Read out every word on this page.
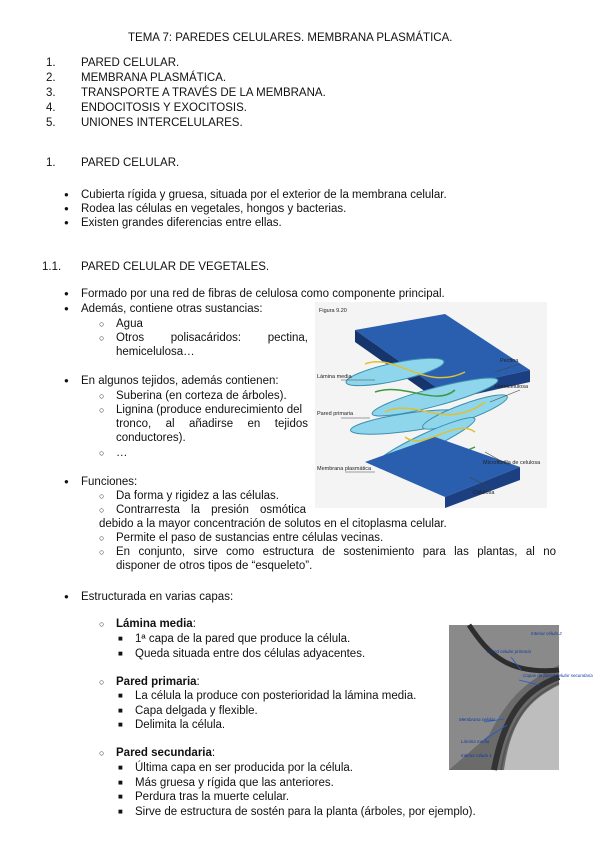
TEMA 7: PAREDES CELULARES. MEMBRANA PLASMÁTICA.
1. PARED CELULAR.
2. MEMBRANA PLASMÁTICA.
3. TRANSPORTE A TRAVÉS DE LA MEMBRANA.
4. ENDOCITOSIS Y EXOCITOSIS.
5. UNIONES INTERCELULARES.
1. PARED CELULAR.
● Cubierta rígida y gruesa, situada por el exterior de la membrana celular.
● Rodea las células en vegetales, hongos y bacterias.
● Existen grandes diferencias entre ellas.
1.1. PARED CELULAR DE VEGETALES.
● Formado por una red de fibras de celulosa como componente principal.
● Además, contiene otras sustancias:
○ Agua
○ Otros polisacáridos: pectina,
hemicelulosa…
● En algunos tejidos, además contienen:
○ Suberina (en corteza de árboles).
○ Lignina (produce endurecimiento del
tronco, al añadirse en tejidos
conductores).
○ …
● Funciones:
○ Da forma y rigidez a las células.
○ Contrarresta la presión osmótica
debido a la mayor concentración de solutos en el citoplasma celular.
○ Permite el paso de sustancias entre células vecinas.
○ En conjunto, sirve como estructura de sostenimiento para las plantas, al no
disponer de otros tipos de “esqueleto”.
● Estructurada en varias capas:
○ Lámina media:
■ 1ª capa de la pared que produce la célula.
■ Queda situada entre dos células adyacentes.
○ Pared primaria:
■ La célula la produce con posterioridad la lámina media.
■ Capa delgada y flexible.
■ Delimita la célula.
○ Pared secundaria:
■ Última capa en ser producida por la célula.
■ Más gruesa y rígida que las anteriores.
■ Perdura tras la muerte celular.
■ Sirve de estructura de sostén para la planta (árboles, por ejemplo).
Figura 9.20
Lámina media
Pared primaria
Membrana plasmática
Pectina
Hemicelulosa
Microfibrilla de celulosa
Celulosa
Interior célula 2
Pared celular primaria
Capas de pared celular secundaria
Membrana celular
Lámina media
Interior célula 1
